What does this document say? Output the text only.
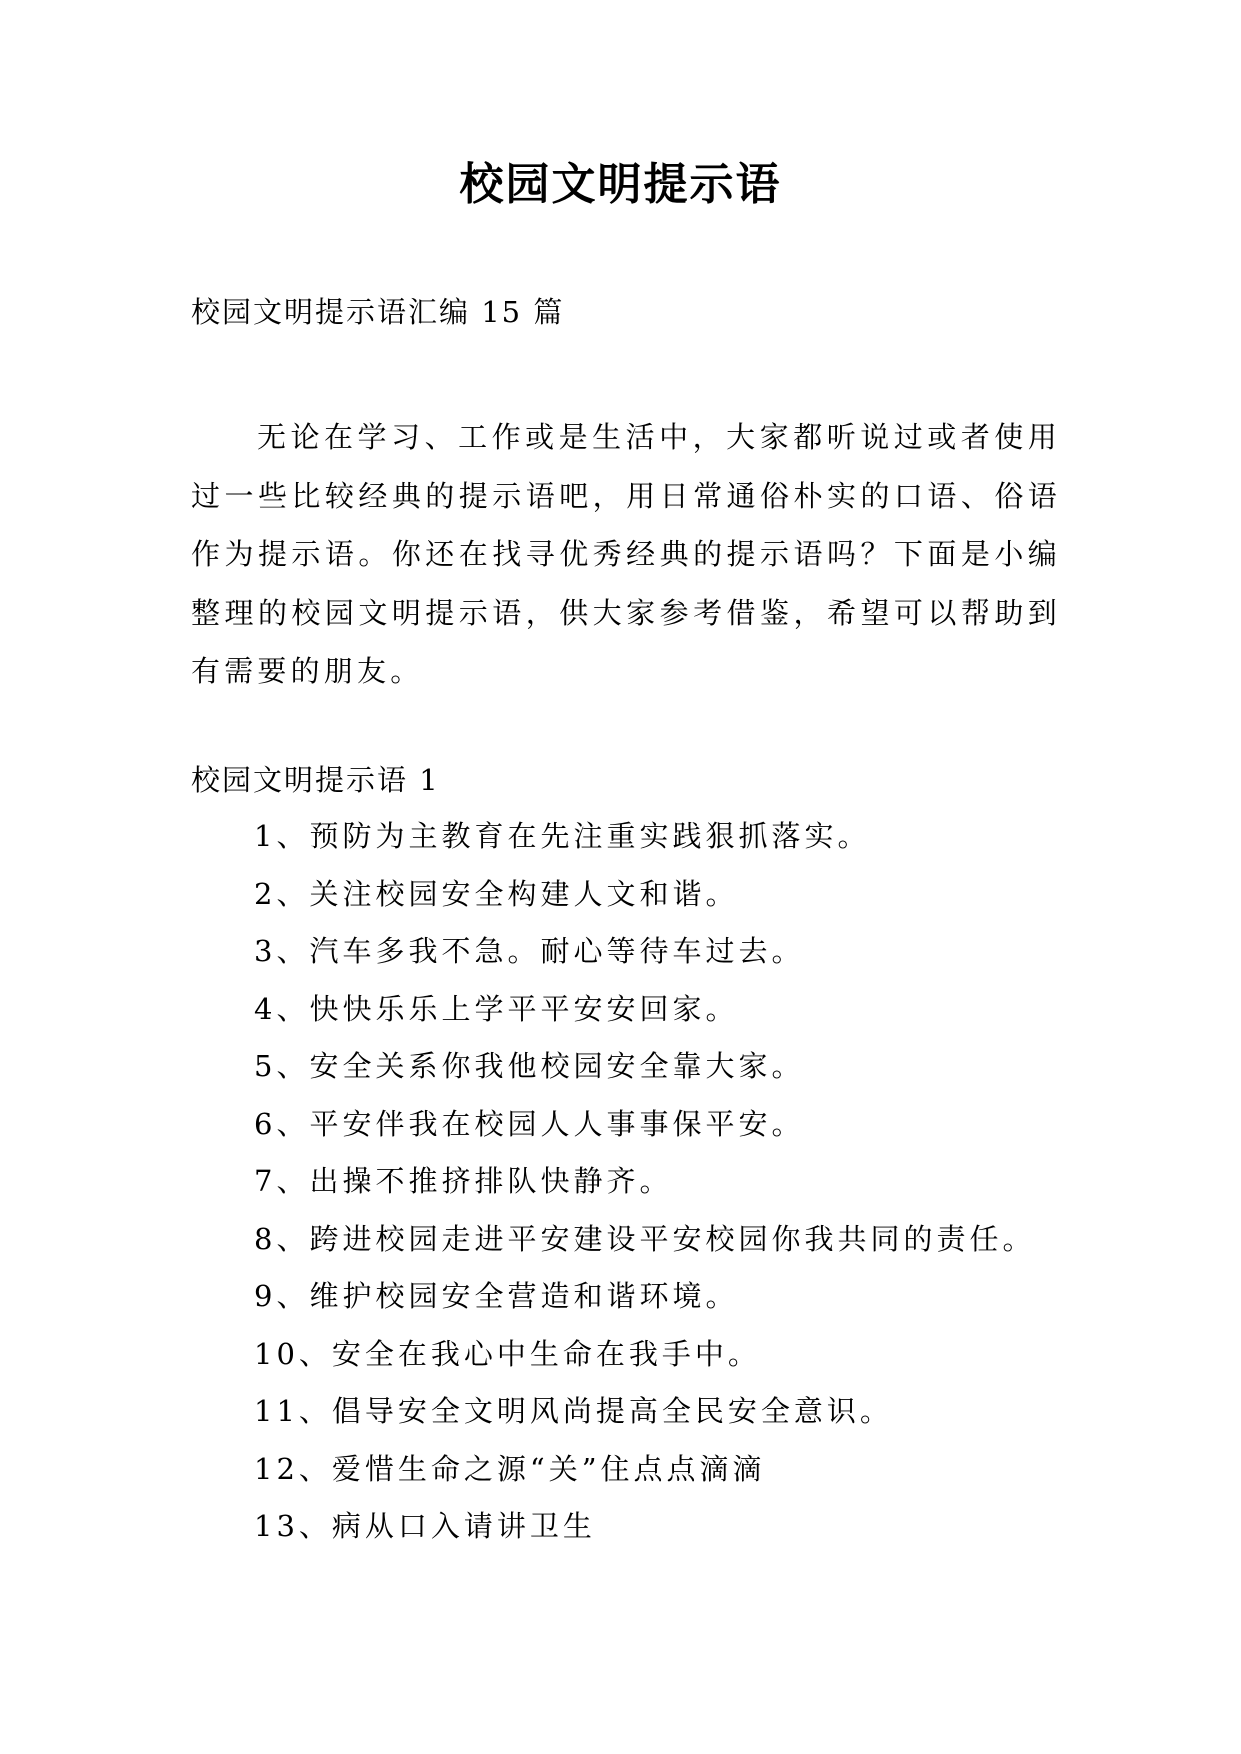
校园文明提示语
校园文明提示语汇编 15 篇

无论在学习、工作或是生活中，大家都听说过或者使用过一些比较经典的提示语吧，用日常通俗朴实的口语、俗语作为提示语。你还在找寻优秀经典的提示语吗？下面是小编整理的校园文明提示语，供大家参考借鉴，希望可以帮助到有需要的朋友。

校园文明提示语 1
1、预防为主教育在先注重实践狠抓落实。
2、关注校园安全构建人文和谐。
3、汽车多我不急。耐心等待车过去。
4、快快乐乐上学平平安安回家。
5、安全关系你我他校园安全靠大家。
6、平安伴我在校园人人事事保平安。
7、出操不推挤排队快静齐。
8、跨进校园走进平安建设平安校园你我共同的责任。
9、维护校园安全营造和谐环境。
10、安全在我心中生命在我手中。
11、倡导安全文明风尚提高全民安全意识。
12、爱惜生命之源“关”住点点滴滴
13、病从口入请讲卫生
